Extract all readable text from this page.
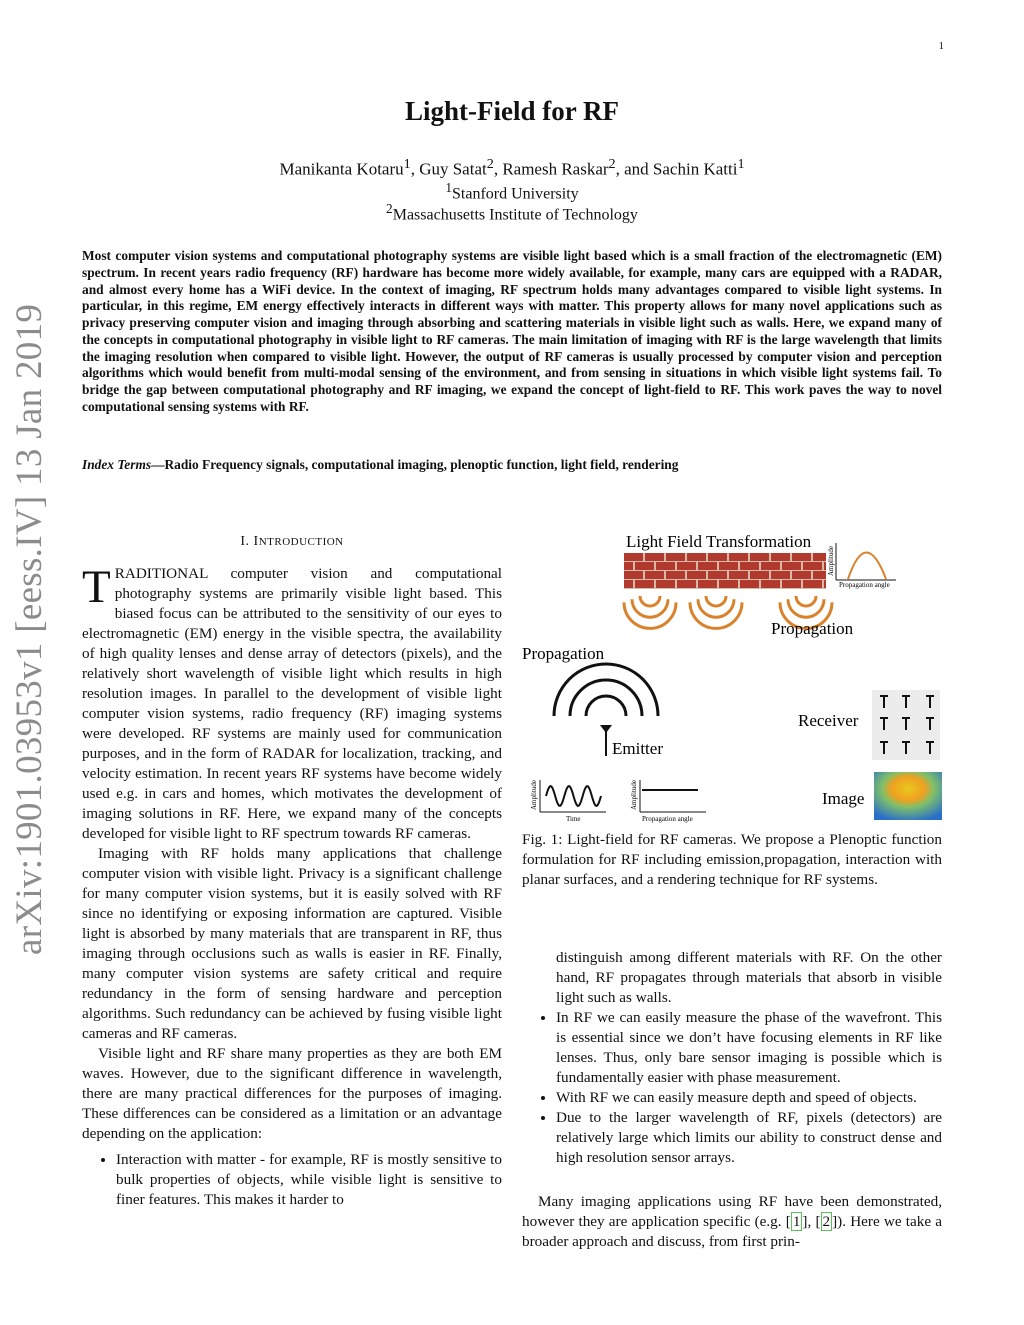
1
arXiv:1901.03953v1 [eess.IV] 13 Jan 2019
Light-Field for RF
Manikanta Kotaru$^1$, Guy Satat$^2$, Ramesh Raskar$^2$, and Sachin Katti$^1$
$^1$Stanford University
$^2$Massachusetts Institute of Technology
Most computer vision systems and computational photography systems are visible light based which is a small fraction of the electromagnetic (EM) spectrum. In recent years radio frequency (RF) hardware has become more widely available, for example, many cars are equipped with a RADAR, and almost every home has a WiFi device. In the context of imaging, RF spectrum holds many advantages compared to visible light systems. In particular, in this regime, EM energy effectively interacts in different ways with matter. This property allows for many novel applications such as privacy preserving computer vision and imaging through absorbing and scattering materials in visible light such as walls. Here, we expand many of the concepts in computational photography in visible light to RF cameras. The main limitation of imaging with RF is the large wavelength that limits the imaging resolution when compared to visible light. However, the output of RF cameras is usually processed by computer vision and perception algorithms which would benefit from multi-modal sensing of the environment, and from sensing in situations in which visible light systems fail. To bridge the gap between computational photography and RF imaging, we expand the concept of light-field to RF. This work paves the way to novel computational sensing systems with RF.
Index Terms—Radio Frequency signals, computational imaging, plenoptic function, light field, rendering
I. INTRODUCTION

TRADITIONAL computer vision and computational photography systems are primarily visible light based. This biased focus can be attributed to the sensitivity of our eyes to electromagnetic (EM) energy in the visible spectra, the availability of high quality lenses and dense array of detectors (pixels), and the relatively short wavelength of visible light which results in high resolution images. In parallel to the development of visible light computer vision systems, radio frequency (RF) imaging systems were developed. RF systems are mainly used for communication purposes, and in the form of RADAR for localization, tracking, and velocity estimation. In recent years RF systems have become widely used e.g. in cars and homes, which motivates the development of imaging solutions in RF. Here, we expand many of the concepts developed for visible light to RF spectrum towards RF cameras.

Imaging with RF holds many applications that challenge computer vision with visible light. Privacy is a significant challenge for many computer vision systems, but it is easily solved with RF since no identifying or exposing information are captured. Visible light is absorbed by many materials that are transparent in RF, thus imaging through occlusions such as walls is easier in RF. Finally, many computer vision systems are safety critical and require redundancy in the form of sensing hardware and perception algorithms. Such redundancy can be achieved by fusing visible light cameras and RF cameras.

Visible light and RF share many properties as they are both EM waves. However, due to the significant difference in wavelength, there are many practical differences for the purposes of imaging. These differences can be considered as a limitation or an advantage depending on the application:

• Interaction with matter - for example, RF is mostly sensitive to bulk properties of objects, while visible light is sensitive to finer features. This makes it harder to
Light Field Transformation
Amplitude
Propagation angle
Propagation
Propagation
Emitter
Receiver
Amplitude
Time
Amplitude
Propagation angle
Image
Fig. 1: Light-field for RF cameras. We propose a Plenoptic function formulation for RF including emission,propagation, interaction with planar surfaces, and a rendering technique for RF systems.
distinguish among different materials with RF. On the other hand, RF propagates through materials that absorb in visible light such as walls.
• In RF we can easily measure the phase of the wavefront. This is essential since we don’t have focusing elements in RF like lenses. Thus, only bare sensor imaging is possible which is fundamentally easier with phase measurement.
• With RF we can easily measure depth and speed of objects.
• Due to the larger wavelength of RF, pixels (detectors) are relatively large which limits our ability to construct dense and high resolution sensor arrays.

Many imaging applications using RF have been demonstrated, however they are application specific (e.g. [ 1 ], [ 2 ]). Here we take a broader approach and discuss, from first prin-
